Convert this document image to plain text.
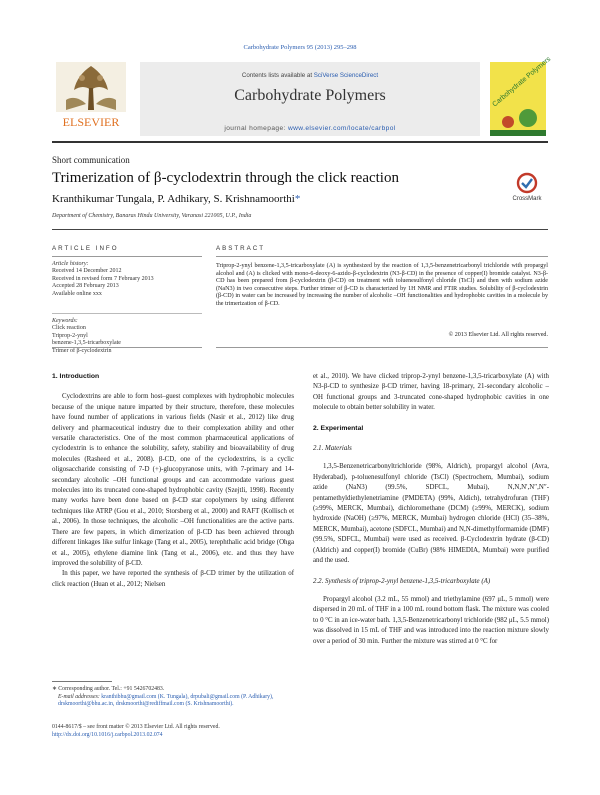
Carbohydrate Polymers 95 (2013) 295–298
ELSEVIER
Contents lists available at SciVerse ScienceDirect
Carbohydrate Polymers
journal homepage: www.elsevier.com/locate/carbpol
Carbohydrate Polymers
Short communication
Trimerization of β-cyclodextrin through the click reaction
CrossMark
Kranthikumar Tungala, P. Adhikary, S. Krishnamoorthi*
Department of Chemistry, Banaras Hindu University, Varanasi 221005, U.P., India
ARTICLE INFO	ABSTRACT
Article history:
Received 14 December 2012
Received in revised form 7 February 2013
Accepted 28 February 2013
Available online xxx
Keywords:
Click reaction
Triprop-2-ynyl
benzene-1,3,5-tricarboxylate
Trimer of β-cyclodextrin
Triprop-2-ynyl benzene-1,3,5-tricarboxylate (A) is synthesized by the reaction of 1,3,5-benzenetricarbonyl trichloride with propargyl alcohol and (A) is clicked with mono-6-deoxy-6-azido-β-cyclodextrin (N3-β-CD) in the presence of copper(I) bromide catalyst. N3-β-CD has been prepared from β-cyclodextrin (β-CD) on treatment with toluenesulfonyl chloride (TsCl) and then with sodium azide (NaN3) in two consecutive steps. Further trimer of β-CD is characterized by 1H NMR and FTIR studies. Solubility of β-cyclodextrin (β-CD) in water can be increased by increasing the number of alcoholic –OH functionalities and hydrophobic cavities in a molecule by the trimerization of β-CD.
© 2013 Elsevier Ltd. All rights reserved.
1. Introduction

Cyclodextrins are able to form host–guest complexes with hydrophobic molecules because of the unique nature imparted by their structure, therefore, these molecules have found number of applications in various fields (Nasir et al., 2012) like drug delivery and pharmaceutical industry due to their complexation ability and other versatile characteristics. One of the most common pharmaceutical applications of cyclodextrin is to enhance the solubility, safety, stability and bioavailability of drug molecules (Rasheed et al., 2008). β-CD, one of the cyclodextrins, is a cyclic oligosaccharide consisting of 7-D (+)-glucopyranose units, with 7-primary and 14-secondary alcoholic –OH functional groups and can accommodate various guest molecules into its truncated cone-shaped hydrophobic cavity (Szejtli, 1998). Recently many works have been done based on β-CD star copolymers by using different techniques like ATRP (Gou et al., 2010; Storsberg et al., 2000) and RAFT (Kollisch et al., 2006). In those techniques, the alcoholic –OH functionalities are the active parts. There are few papers, in which dimerization of β-CD has been achieved through different linkages like sulfur linkage (Tang et al., 2005), terephthalic acid bridge (Ohga et al., 2005), ethylene diamine link (Tang et al., 2006), etc. and thus they have improved the solubility of β-CD.

In this paper, we have reported the synthesis of β-CD trimer by the utilization of click reaction (Huan et al., 2012; Nielsen

et al., 2010). We have clicked triprop-2-ynyl benzene-1,3,5-tricarboxylate (A) with N3-β-CD to synthesize β-CD trimer, having 18-primary, 21-secondary alcoholic –OH functional groups and 3-truncated cone-shaped hydrophobic cavities in one molecule to obtain better solubility in water.

2. Experimental
2.1. Materials

1,3,5-Benzenetricarbonyltrichloride (98%, Aldrich), propargyl alcohol (Avra, Hyderabad), p-toluenesulfonyl chloride (TsCl) (Spectrochem, Mumbai), sodium azide (NaN3) (99.5%, SDFCL, Mubai), N,N,N′,N″,N″-pentamethyldiethylenetriamine (PMDETA) (99%, Aldich), tetrahydrofuran (THF) (≥99%, MERCK, Mumbai), dichloromethane (DCM) (≥99%, MERCK), sodium hydroxide (NaOH) (≥97%, MERCK, Mumbai) hydrogen chloride (HCl) (35–38%, MERCK, Mumbai), acetone (SDFCL, Mumbai) and N,N-dimethylformamide (DMF) (99.5%, SDFCL, Mumbai) were used as received. β-Cyclodextrin hydrate (β-CD) (Aldrich) and copper(I) bromide (CuBr) (98% HIMEDIA, Mumbai) were purified and the used.

2.2. Synthesis of triprop-2-ynyl benzene-1,3,5-tricarboxylate (A)

Propargyl alcohol (3.2 mL, 55 mmol) and triethylamine (697 μL, 5 mmol) were dispersed in 20 mL of THF in a 100 mL round bottom flask. The mixture was cooled to 0 °C in an ice-water bath. 1,3,5-Benzenetricarbonyl trichloride (982 μL, 5.5 mmol) was dissolved in 15 mL of THF and was introduced into the reaction mixture slowly over a period of 30 min. Further the mixture was stirred at 0 °C for

∗ Corresponding author. Tel.: +91 5426702483.
E-mail addresses: kranthibhu@gmail.com (K. Tungala), drpubali@gmail.com (P. Adhikary), drskmoorthi@bhu.ac.in, drskmoorthi@rediffmail.com (S. Krishnamoorthi).
0144-8617/$ – see front matter © 2013 Elsevier Ltd. All rights reserved.
http://dx.doi.org/10.1016/j.carbpol.2013.02.074
